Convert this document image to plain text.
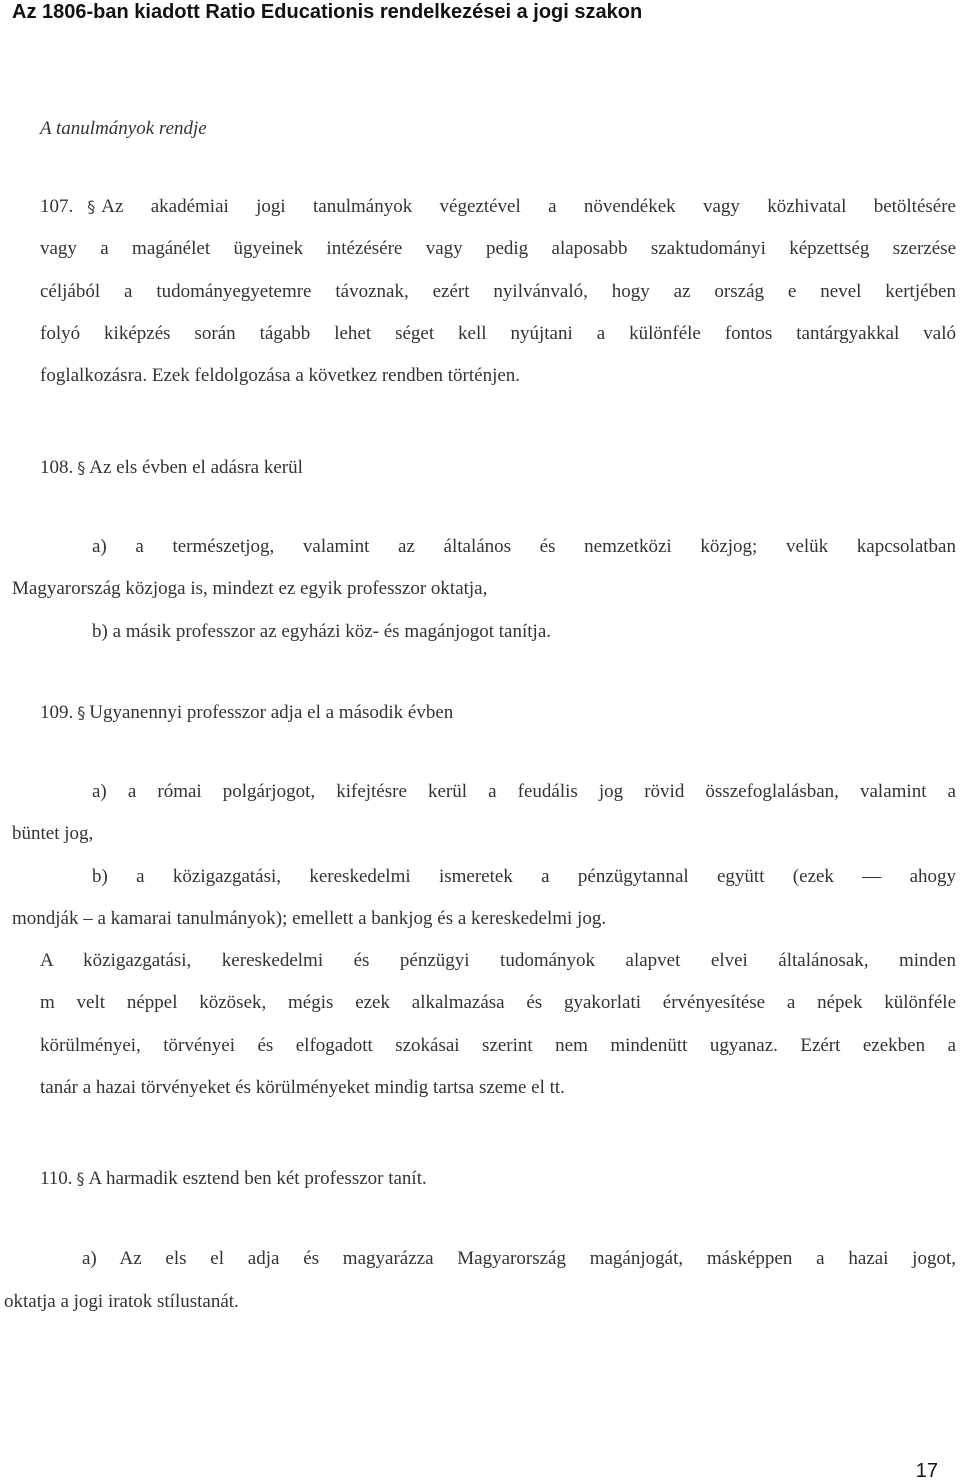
Az 1806-ban kiadott Ratio Educationis rendelkezései a jogi szakon
A tanulmányok rendje
107. § Az akadémiai jogi tanulmányok végeztével a növendékek vagy közhivatal betöltésére
vagy a magánélet ügyeinek intézésére vagy pedig alaposabb szaktudományi képzettség szerzése
céljából a tudományegyetemre távoznak, ezért nyilvánvaló, hogy az ország e nevel kertjében
folyó kiképzés során tágabb lehet séget kell nyújtani a különféle fontos tantárgyakkal való
foglalkozásra. Ezek feldolgozása a következ rendben történjen.
108. § Az els évben el adásra kerül
a) a természetjog, valamint az általános és nemzetközi közjog; velük kapcsolatban
Magyarország közjoga is, mindezt ez egyik professzor oktatja,
b) a másik professzor az egyházi köz- és magánjogot tanítja.
109. § Ugyanennyi professzor adja el a második évben
a) a római polgárjogot, kifejtésre kerül a feudális jog rövid összefoglalásban, valamint a
büntet jog,
b) a közigazgatási, kereskedelmi ismeretek a pénzügytannal együtt (ezek — ahogy
mondják – a kamarai tanulmányok); emellett a bankjog és a kereskedelmi jog.
A közigazgatási, kereskedelmi és pénzügyi tudományok alapvet elvei általánosak, minden
m velt néppel közösek, mégis ezek alkalmazása és gyakorlati érvényesítése a népek különféle
körülményei, törvényei és elfogadott szokásai szerint nem mindenütt ugyanaz. Ezért ezekben a
tanár a hazai törvényeket és körülményeket mindig tartsa szeme el tt.
110. § A harmadik esztend ben két professzor tanít.
a) Az els el adja és magyarázza Magyarország magánjogát, másképpen a hazai jogot,
oktatja a jogi iratok stílustanát.
17
